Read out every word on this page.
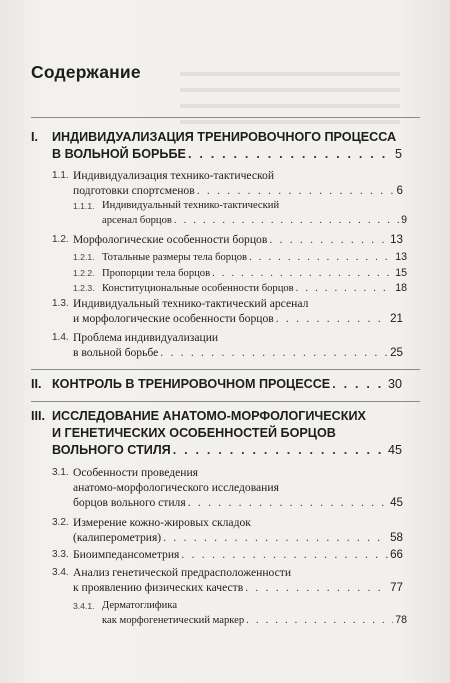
Содержание
I. ИНДИВИДУАЛИЗАЦИЯ ТРЕНИРОВОЧНОГО ПРОЦЕССА
В ВОЛЬНОЙ БОРЬБЕ . . .	5
1.1. Индивидуализация технико-тактической
подготовки спортсменов . . .	6
1.1.1. Индивидуальный технико-тактический
арсенал борцов . . .	9
1.2. Морфологические особенности борцов . . .	13
1.2.1. Тотальные размеры тела борцов . . .	13
1.2.2. Пропорции тела борцов . . .	15
1.2.3. Конституциональные особенности борцов . . .	18
1.3. Индивидуальный технико-тактический арсенал
и морфологические особенности борцов . . .	21
1.4. Проблема индивидуализации
в вольной борьбе . . .	25
II. КОНТРОЛЬ В ТРЕНИРОВОЧНОМ ПРОЦЕССЕ . . .	30
III. ИССЛЕДОВАНИЕ АНАТОМО-МОРФОЛОГИЧЕСКИХ
И ГЕНЕТИЧЕСКИХ ОСОБЕННОСТЕЙ БОРЦОВ
ВОЛЬНОГО СТИЛЯ . . .	45
3.1. Особенности проведения
анатомо-морфологического исследования
борцов вольного стиля . . .	45
3.2. Измерение кожно-жировых складок
(калиперометрия) . . .	58
3.3. Биоимпедансометрия . . .	66
3.4. Анализ генетической предрасположенности
к проявлению физических качеств . . .	77
3.4.1. Дерматоглифика
как морфогенетический маркер . . .	78
